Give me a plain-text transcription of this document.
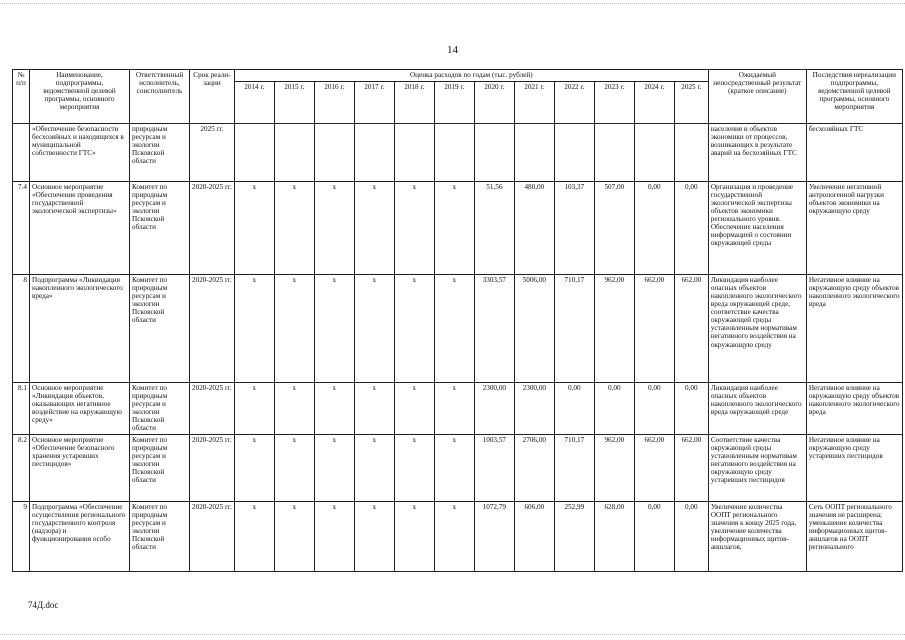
14
№ п/п	Наименование, подпрограммы, ведомственной целевой программы, основного мероприятия	Ответственный исполнитель, соисполнитель	Срок реали-зации	Оценка расходов по годам (тыс. рублей)												Ожидаемый непосредственный результат (краткое описание)	Последствия нереализации подпрограммы, ведомственной целевой программы, основного мероприятия
				2014 г.	2015 г.	2016 г.	2017 г.	2018 г.	2019 г.	2020 г.	2021 г.	2022 г.	2023 г.	2024 г.	2025 г.		
	«Обеспечение безопасности бесхозяйных и находящихся в муниципальной собственности ГТС»	природным ресурсам и экологии Псковской области	2025 гг.													населения и объектов экономики от процессов, возникающих в результате аварий на бесхозяйных ГТС	бесхозяйных ГТС
7.4	Основное мероприятие «Обеспечение проведения государственной экологической экспертизы»	Комитет по природным ресурсам и экологии Псковской области	2020-2025 гг.	x	x	x	x	x	x	51,56	480,00	103,37	507,00	0,00	0,00	Организация и проведение государственной экологической экспертизы объектов экономики регионального уровня. Обеспечение населения информацией о состоянии окружающей среды	Увеличение негативной антропогенной нагрузки объектов экономики на окружающую среду
8	Подпрограмма «Ликвидация накопленного экологического вреда»	Комитет по природным ресурсам и экологии Псковской области	2020-2025 гг.	x	x	x	x	x	x	3303,57	5006,00	710,17	962,00	662,00	662,00	Ликвидация наиболее опасных объектов накопленного экологического вреда окружающей среде, соответствие качества окружающей среды установленным нормативам негативного воздействия на окружающую среду	Негативное влияние на окружающую среду объектов накопленного экологического вреда
8.1	Основное мероприятие «Ликвидация объектов, оказывающих негативное воздействие на окружающую среду»	Комитет по природным ресурсам и экологии Псковской области	2020-2025 гг.	x	x	x	x	x	x	2300,00	2300,00	0,00	0,00	0,00	0,00	Ликвидация наиболее опасных объектов накопленного экологического вреда окружающей среде	Негативное влияние на окружающую среду объектов накопленного экологического вреда
8.2	Основное мероприятие «Обеспечение безопасного хранения устаревших пестицидов»	Комитет по природным ресурсам и экологии Псковской области	2020-2025 гг.	x	x	x	x	x	x	1003,57	2706,00	710,17	962,00	662,00	662,00	Соответствие качества окружающей среды установленным нормативам негативного воздействия на окружающую среду устаревших пестицидов	Негативное влияние на окружающую среду устаревших пестицидов
9	Подпрограмма «Обеспечение осуществления регионального государственного контроля (надзора) и функционирования особо	Комитет по природным ресурсам и экологии Псковской области	2020-2025 гг.	x	x	x	x	x	x	1072,79	606,00	252,99	628,00	0,00	0,00	Увеличение количества ООПТ регионального значения к концу 2025 года, увеличение количества информационных щитов-аншлагов,	Сеть ООПТ регионального значения не расширена; уменьшение количества информационных щитов-аншлагов на ООПТ регионального
74Д.doc
